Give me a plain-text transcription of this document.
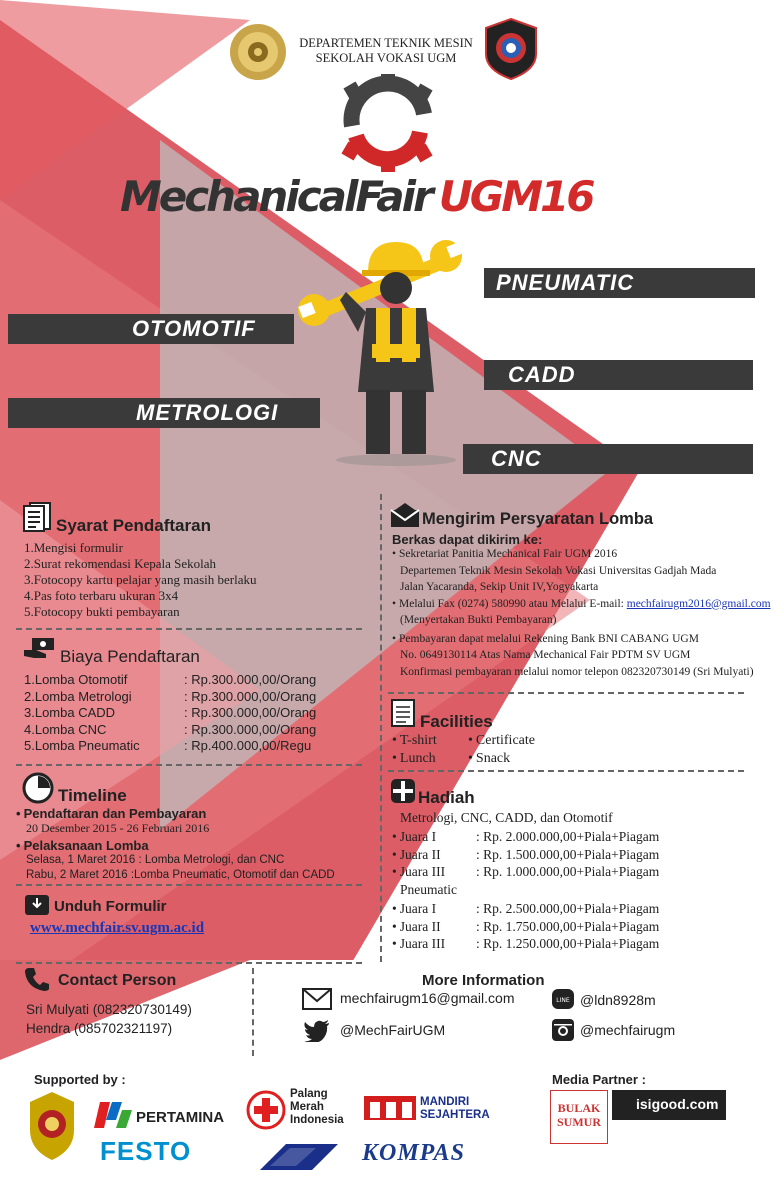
DEPARTEMEN TEKNIK MESIN
SEKOLAH VOKASI UGM
MechanicalFair UGM16
PNEUMATIC
OTOMOTIF
CADD
METROLOGI
CNC
Syarat Pendaftaran
1.Mengisi formulir
2.Surat rekomendasi Kepala Sekolah
3.Fotocopy kartu pelajar yang masih berlaku
4.Pas foto terbaru ukuran 3x4
5.Fotocopy bukti pembayaran
Biaya Pendaftaran
1.Lomba Otomotif	: Rp.300.000,00/Orang
2.Lomba Metrologi	: Rp.300.000,00/Orang
3.Lomba CADD	: Rp.300.000,00/Orang
4.Lomba CNC	: Rp.300.000,00/Orang
5.Lomba Pneumatic	: Rp.400.000,00/Regu
Timeline
• Pendaftaran dan Pembayaran
20 Desember 2015 - 26 Februari 2016
• Pelaksanaan Lomba
Selasa, 1 Maret 2016 : Lomba Metrologi, dan CNC
Rabu, 2 Maret 2016 :Lomba Pneumatic, Otomotif dan CADD
Unduh Formulir
www.mechfair.sv.ugm.ac.id
Mengirim Persyaratan Lomba
Berkas dapat dikirim ke:
• Sekretariat Panitia Mechanical Fair UGM 2016
Departemen Teknik Mesin Sekolah Vokasi Universitas Gadjah Mada
Jalan Yacaranda, Sekip Unit IV,Yogyakarta
• Melalui Fax (0274) 580990 atau Melalui E-mail: mechfairugm2016@gmail.com
(Menyertakan Bukti Pembayaran)
• Pembayaran dapat melalui Rekening Bank BNI CABANG UGM
No. 0649130114 Atas Nama Mechanical Fair PDTM SV UGM
Konfirmasi pembayaran melalui nomor telepon 082320730149 (Sri Mulyati)
Facilities
• T-shirt	• Certificate
• Lunch	• Snack
Hadiah
Metrologi, CNC, CADD, dan Otomotif
• Juara I	: Rp. 2.000.000,00+Piala+Piagam
• Juara II	: Rp. 1.500.000,00+Piala+Piagam
• Juara III : Rp. 1.000.000,00+Piala+Piagam
Pneumatic
• Juara I	: Rp. 2.500.000,00+Piala+Piagam
• Juara II	: Rp. 1.750.000,00+Piala+Piagam
• Juara III : Rp. 1.250.000,00+Piala+Piagam
Contact Person
Sri Mulyati (082320730149)
Hendra (085702321197)
More Information
mechfairugm16@gmail.com	LINE @ldn8928m
@MechFairUGM	@mechfairugm
Supported by :
PERTAMINA
FESTO
Palang
Merah
Indonesia
MANDIRI
SEJAHTERA
KOMPAS
Media Partner :
BULAK
SUMUR
isigood.com
